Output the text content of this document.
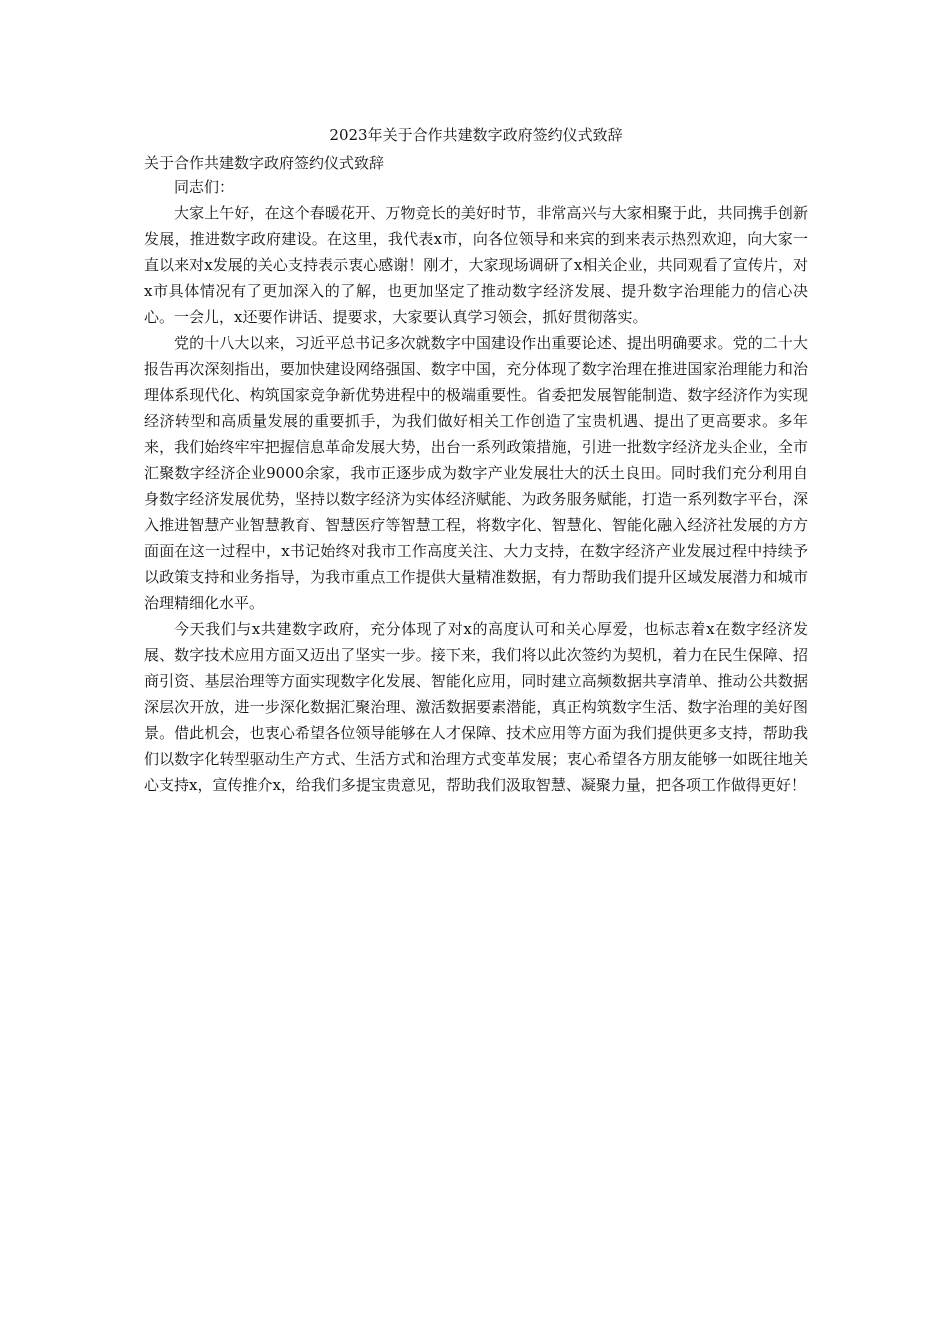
2023年关于合作共建数字政府签约仪式致辞

关于合作共建数字政府签约仪式致辞

同志们：

大家上午好，在这个春暖花开、万物竞长的美好时节，非常高兴与大家相聚于此，共同携手创新发展，推进数字政府建设。在这里，我代表x市，向各位领导和来宾的到来表示热烈欢迎，向大家一直以来对x发展的关心支持表示衷心感谢！刚才，大家现场调研了x相关企业，共同观看了宣传片，对x市具体情况有了更加深入的了解，也更加坚定了推动数字经济发展、提升数字治理能力的信心决心。一会儿，x还要作讲话、提要求，大家要认真学习领会，抓好贯彻落实。

党的十八大以来，习近平总书记多次就数字中国建设作出重要论述、提出明确要求。党的二十大报告再次深刻指出，要加快建设网络强国、数字中国，充分体现了数字治理在推进国家治理能力和治理体系现代化、构筑国家竞争新优势进程中的极端重要性。省委把发展智能制造、数字经济作为实现经济转型和高质量发展的重要抓手，为我们做好相关工作创造了宝贵机遇、提出了更高要求。多年来，我们始终牢牢把握信息革命发展大势，出台一系列政策措施，引进一批数字经济龙头企业，全市汇聚数字经济企业9000余家，我市正逐步成为数字产业发展壮大的沃土良田。同时我们充分利用自身数字经济发展优势，坚持以数字经济为实体经济赋能、为政务服务赋能，打造一系列数字平台，深入推进智慧产业智慧教育、智慧医疗等智慧工程，将数字化、智慧化、智能化融入经济社发展的方方面面在这一过程中，x书记始终对我市工作高度关注、大力支持，在数字经济产业发展过程中持续予以政策支持和业务指导，为我市重点工作提供大量精准数据，有力帮助我们提升区域发展潜力和城市治理精细化水平。

今天我们与x共建数字政府，充分体现了对x的高度认可和关心厚爱，也标志着x在数字经济发展、数字技术应用方面又迈出了坚实一步。接下来，我们将以此次签约为契机，着力在民生保障、招商引资、基层治理等方面实现数字化发展、智能化应用，同时建立高频数据共享清单、推动公共数据深层次开放，进一步深化数据汇聚治理、激活数据要素潜能，真正构筑数字生活、数字治理的美好图景。借此机会，也衷心希望各位领导能够在人才保障、技术应用等方面为我们提供更多支持，帮助我们以数字化转型驱动生产方式、生活方式和治理方式变革发展；衷心希望各方朋友能够一如既往地关心支持x，宣传推介x，给我们多提宝贵意见，帮助我们汲取智慧、凝聚力量，把各项工作做得更好！
